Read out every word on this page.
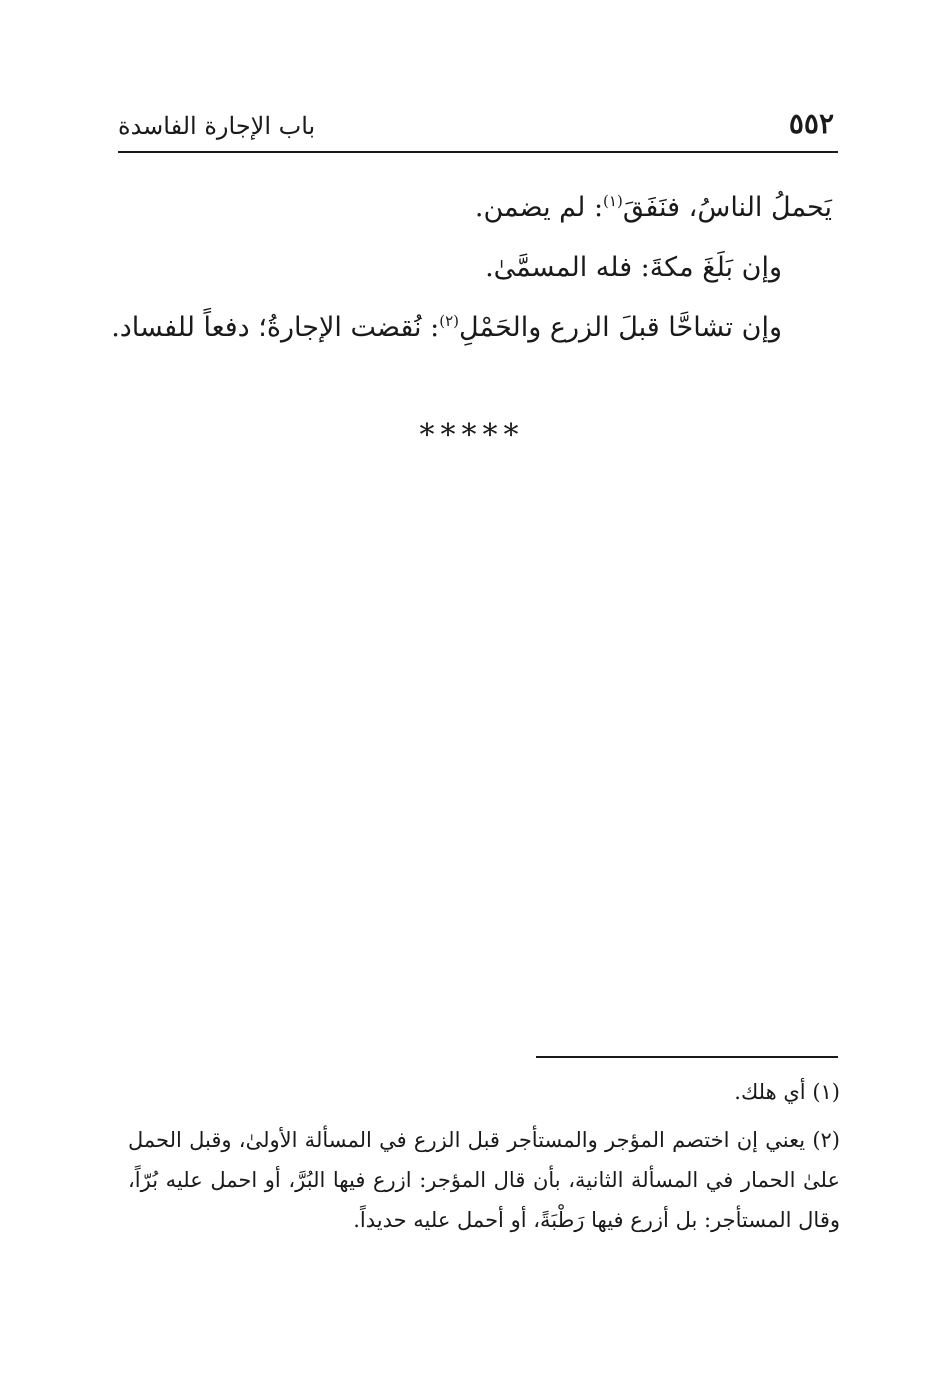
٥٥٢
باب الإجارة الفاسدة

يَحملُ الناسُ، فنَفَقَ$^{(١)}$: لم يضمن.

وإن بَلَغَ مكةَ: فله المسمَّىٰ.

وإن تشاحَّا قبلَ الزرع والحَمْلِ$^{(٢)}$: نُقضت الإجارةُ؛ دفعاً للفساد.

*****

(١) أي هلك.

(٢) يعني إن اختصم المؤجر والمستأجر قبل الزرع في المسألة الأولىٰ، وقبل الحمل علىٰ الحمار في المسألة الثانية، بأن قال المؤجر: ازرع فيها البُرَّ، أو احمل عليه بُرّاً، وقال المستأجر: بل أزرع فيها رَطْبَةً، أو أحمل عليه حديداً.
